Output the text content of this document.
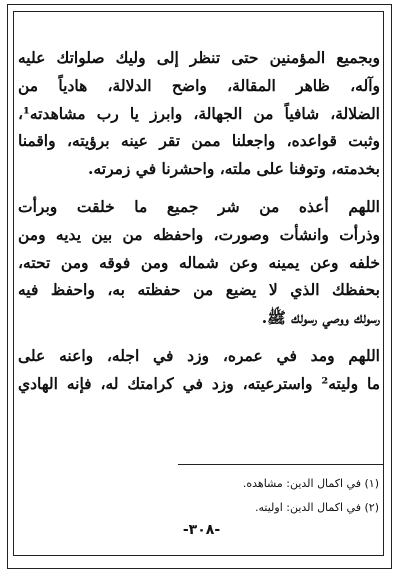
وبجميع المؤمنين حتى تنظر إلى وليك صلواتك عليه
وآله، ظاهر المقالة، واضح الدلالة، هادياً من
الضلالة، شافياً من الجهالة، وابرز يا رب مشاهدته¹،
وثبت قواعده، واجعلنا ممن تقر عينه برؤيته، واقمنا
بخدمته، وتوفنا على ملته، واحشرنا في زمرته.
اللهم أعذه من شر جميع ما خلقت وبرأت
وذرأت وانشأت وصورت، واحفظه من بين يديه ومن
خلفه وعن يمينه وعن شماله ومن فوقه ومن تحته،
بحفظك الذي لا يضيع من حفظته به، واحفظ فيه
رسولك ووصي رسولك ﷺ.
اللهم ومد في عمره، وزد في اجله، واعنه على
ما وليته² واسترعيته، وزد في كرامتك له، فإنه الهادي
(١) في اكمال الدين: مشاهده.
(٢) في اكمال الدين: اوليته.
-٣٠٨-
